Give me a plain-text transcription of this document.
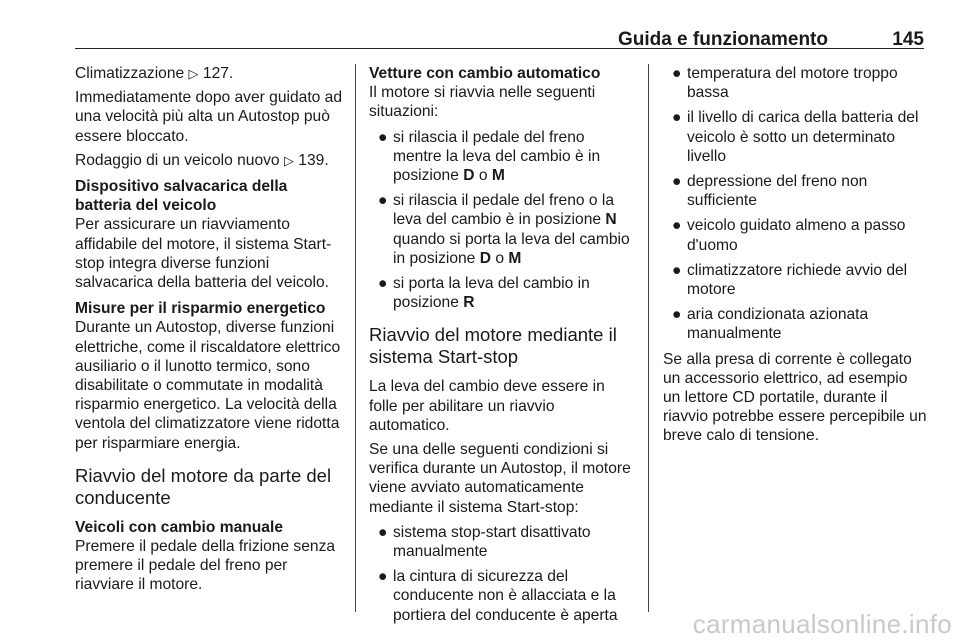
Guida e funzionamento	145

Climatizzazione ▷ 127.

Immediatamente dopo aver guidato ad una velocità più alta un Autostop può essere bloccato.

Rodaggio di un veicolo nuovo ▷ 139.

Dispositivo salvacarica della batteria del veicolo

Per assicurare un riavviamento affidabile del motore, il sistema Start-stop integra diverse funzioni salvacarica della batteria del veicolo.

Misure per il risparmio energetico

Durante un Autostop, diverse funzioni elettriche, come il riscaldatore elettrico ausiliario o il lunotto termico, sono disabilitate o commutate in modalità risparmio energetico. La velocità della ventola del climatizzatore viene ridotta per risparmiare energia.

Riavvio del motore da parte del conducente

Veicoli con cambio manuale

Premere il pedale della frizione senza premere il pedale del freno per riavviare il motore.

Vetture con cambio automatico

Il motore si riavvia nelle seguenti situazioni:

● si rilascia il pedale del freno mentre la leva del cambio è in posizione D o M
● si rilascia il pedale del freno o la leva del cambio è in posizione N quando si porta la leva del cambio in posizione D o M
● si porta la leva del cambio in posizione R
Riavvio del motore mediante il sistema Start-stop

La leva del cambio deve essere in folle per abilitare un riavvio automatico.

Se una delle seguenti condizioni si verifica durante un Autostop, il motore viene avviato automaticamente mediante il sistema Start-stop:

● sistema stop-start disattivato manualmente
● la cintura di sicurezza del conducente non è allacciata e la portiera del conducente è aperta
● temperatura del motore troppo bassa
● il livello di carica della batteria del veicolo è sotto un determinato livello
● depressione del freno non sufficiente
● veicolo guidato almeno a passo d'uomo
● climatizzatore richiede avvio del motore
● aria condizionata azionata manualmente

Se alla presa di corrente è collegato un accessorio elettrico, ad esempio un lettore CD portatile, durante il riavvio potrebbe essere percepibile un breve calo di tensione.

carmanualsonline.info
